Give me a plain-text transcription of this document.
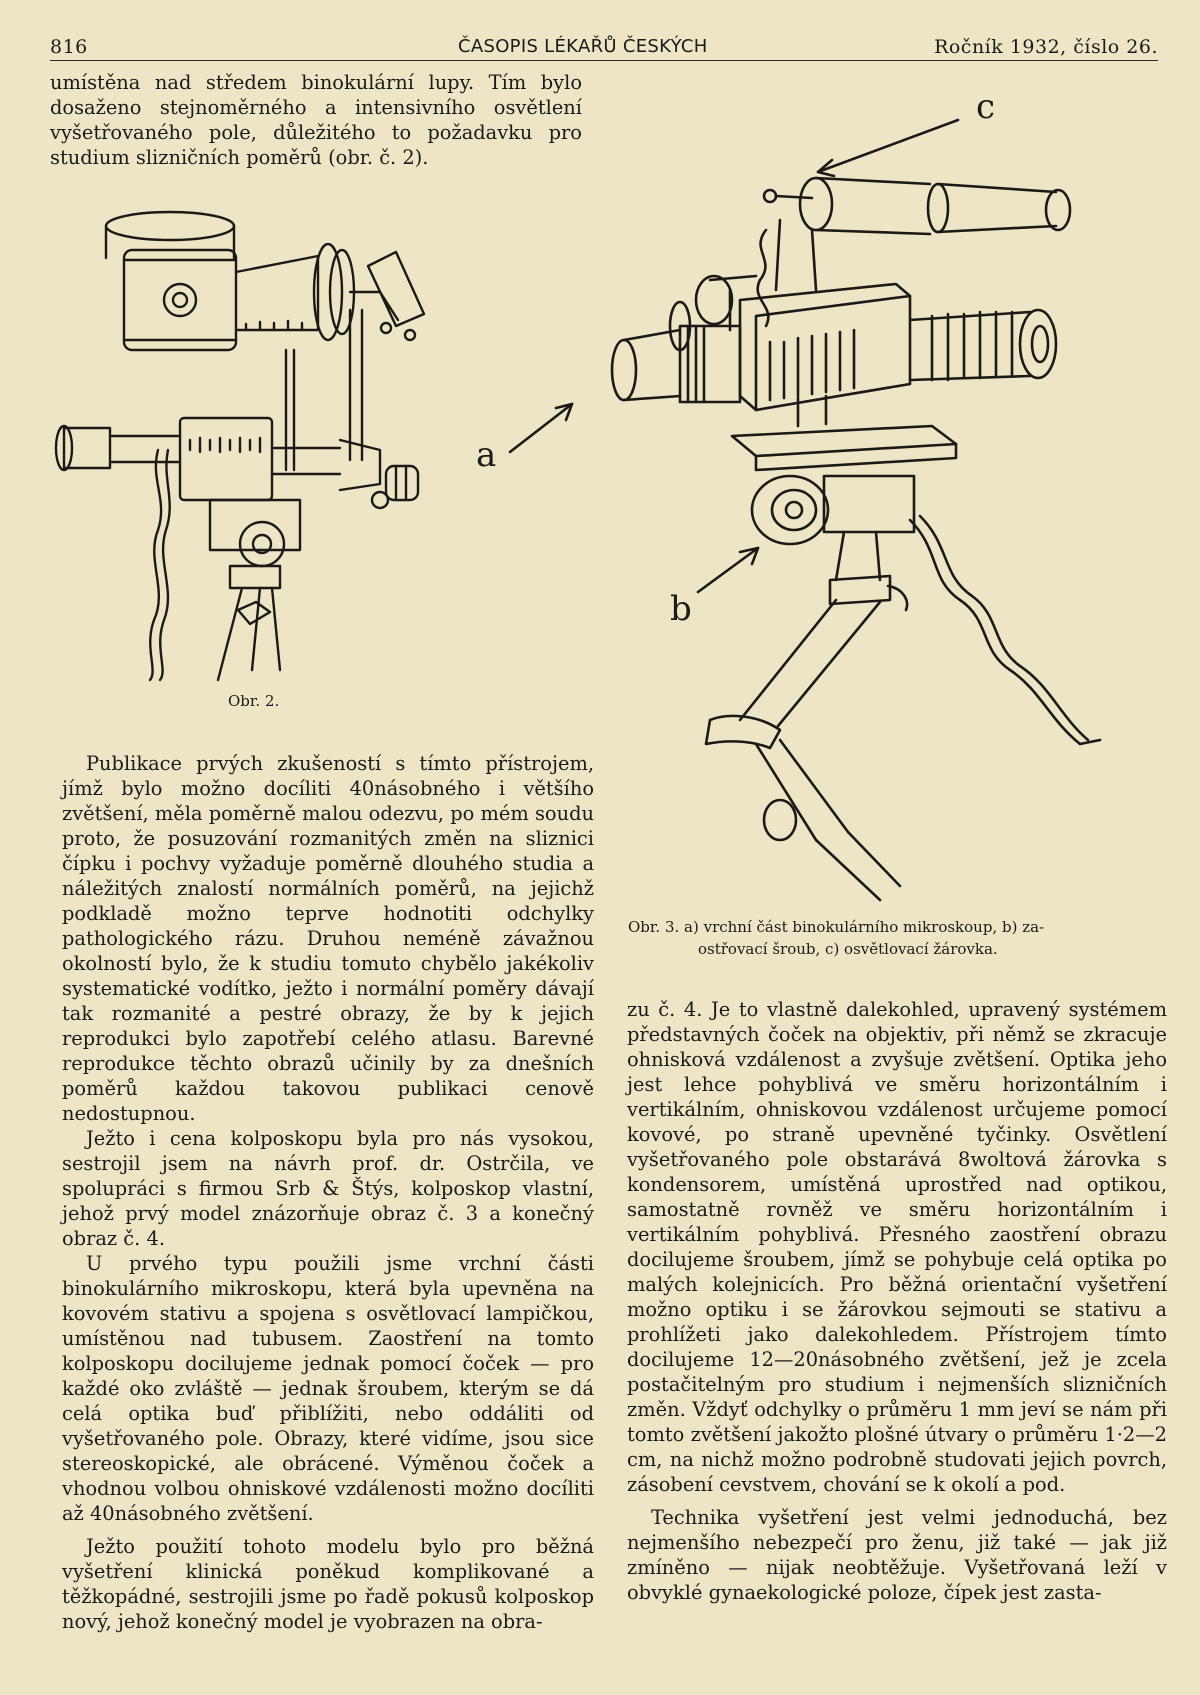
816	ČASOPIS LÉKAŘŮ ČESKÝCH	Ročník 1932, číslo 26.

umístěna nad středem binokulární lupy. Tím bylo dosaženo stejnoměrného a intensivního osvětlení vyšetřovaného pole, důležitého to požadavku pro studium slizničních poměrů (obr. č. 2).

Obr. 2.
c
a
b
Obr. 3. a) vrchní část binokulárního mikroskoup, b) za-
ostřovací šroub, c) osvětlovací žárovka.

Publikace prvých zkušeností s tímto přístrojem, jímž bylo možno docíliti 40násobného i většího zvětšení, měla poměrně malou odezvu, po mém soudu proto, že posuzování rozmanitých změn na sliznici čípku i pochvy vyžaduje poměrně dlouhého studia a náležitých znalostí normálních poměrů, na jejichž podkladě možno teprve hodnotiti odchylky pathologického rázu. Druhou neméně závažnou okolností bylo, že k studiu tomuto chybělo jakékoliv systematické vodítko, ježto i normální poměry dávají tak rozmanité a pestré obrazy, že by k jejich reprodukci bylo zapotřebí celého atlasu. Barevné reprodukce těchto obrazů učinily by za dnešních poměrů každou takovou publikaci cenově nedostupnou.

Ježto i cena kolposkopu byla pro nás vysokou, sestrojil jsem na návrh prof. dr. Ostrčila, ve spolupráci s firmou Srb & Štýs, kolposkop vlastní, jehož prvý model znázorňuje obraz č. 3 a konečný obraz č. 4.

U prvého typu použili jsme vrchní části binokulárního mikroskopu, která byla upevněna na kovovém stativu a spojena s osvětlovací lampičkou, umístěnou nad tubusem. Zaostření na tomto kolposkopu docilujeme jednak pomocí čoček — pro každé oko zvláště — jednak šroubem, kterým se dá celá optika buď přiblížiti, nebo oddáliti od vyšetřovaného pole. Obrazy, které vidíme, jsou sice stereoskopické, ale obrácené. Výměnou čoček a vhodnou volbou ohniskové vzdálenosti možno docíliti až 40násobného zvětšení.

Ježto použití tohoto modelu bylo pro běžná vyšetření klinická poněkud komplikované a těžkopádné, sestrojili jsme po řadě pokusů kolposkop nový, jehož konečný model je vyobrazen na obra-

zu č. 4. Je to vlastně dalekohled, upravený systémem představných čoček na objektiv, při němž se zkracuje ohnisková vzdálenost a zvyšuje zvětšení. Optika jeho jest lehce pohyblivá ve směru horizontálním i vertikálním, ohniskovou vzdálenost určujeme pomocí kovové, po straně upevněné tyčinky. Osvětlení vyšetřovaného pole obstarává 8woltová žárovka s kondensorem, umístěná uprostřed nad optikou, samostatně rovněž ve směru horizontálním i vertikálním pohyblivá. Přesného zaostření obrazu docilujeme šroubem, jímž se pohybuje celá optika po malých kolejnicích. Pro běžná orientační vyšetření možno optiku i se žárovkou sejmouti se stativu a prohlížeti jako dalekohledem. Přístrojem tímto docilujeme 12—20násobného zvětšení, jež je zcela postačitelným pro studium i nejmenších slizničních změn. Vždyť odchylky o průměru 1 mm jeví se nám při tomto zvětšení jakožto plošné útvary o průměru 1·2—2 cm, na nichž možno podrobně studovati jejich povrch, zásobení cevstvem, chování se k okolí a pod.

Technika vyšetření jest velmi jednoduchá, bez nejmenšího nebezpečí pro ženu, již také — jak již zmíněno — nijak neobtěžuje. Vyšetřovaná leží v obvyklé gynaekologické poloze, čípek jest zasta-
